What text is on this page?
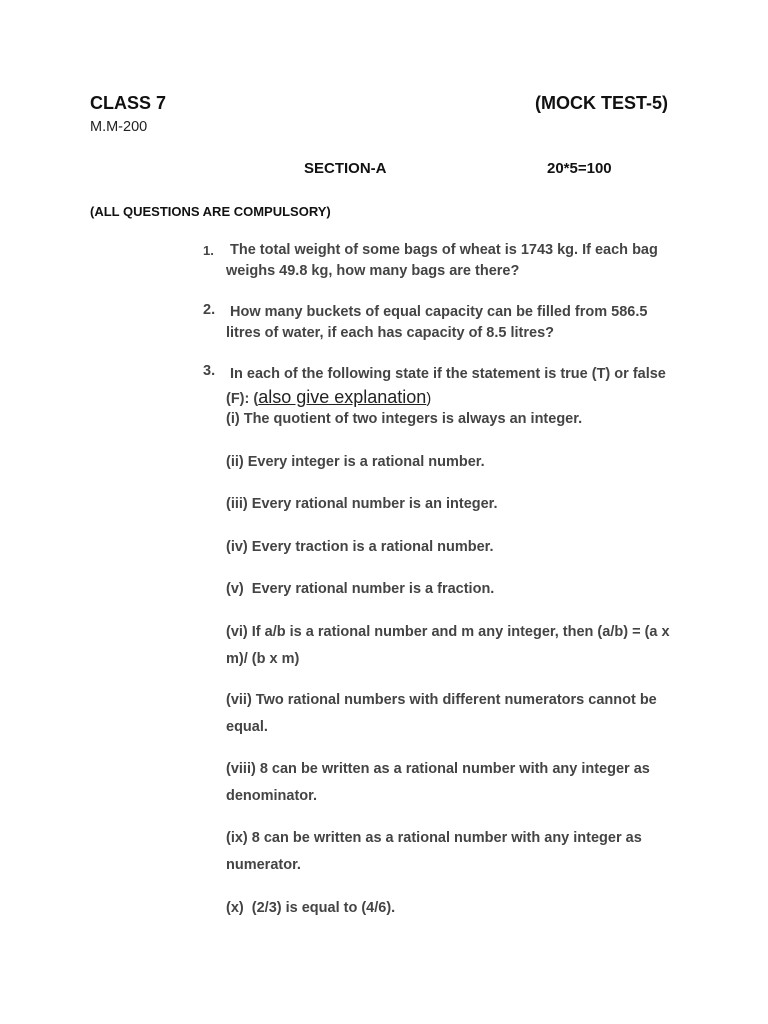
CLASS 7	(MOCK TEST-5)
M.M-200
SECTION-A	20*5=100
(ALL QUESTIONS ARE COMPULSORY)
1. The total weight of some bags of wheat is 1743 kg. If each bag weighs 49.8 kg, how many bags are there?
2. How many buckets of equal capacity can be filled from 586.5 litres of water, if each has capacity of 8.5 litres?
3. In each of the following state if the statement is true (T) or false (F): (also give explanation)
(i) The quotient of two integers is always an integer.
(ii) Every integer is a rational number.
(iii) Every rational number is an integer.
(iv) Every traction is a rational number.
(v)  Every rational number is a fraction.
(vi) If a/b is a rational number and m any integer, then (a/b) = (a x m)/ (b x m)
(vii) Two rational numbers with different numerators cannot be equal.
(viii) 8 can be written as a rational number with any integer as denominator.
(ix) 8 can be written as a rational number with any integer as numerator.
(x)  (2/3) is equal to (4/6).
